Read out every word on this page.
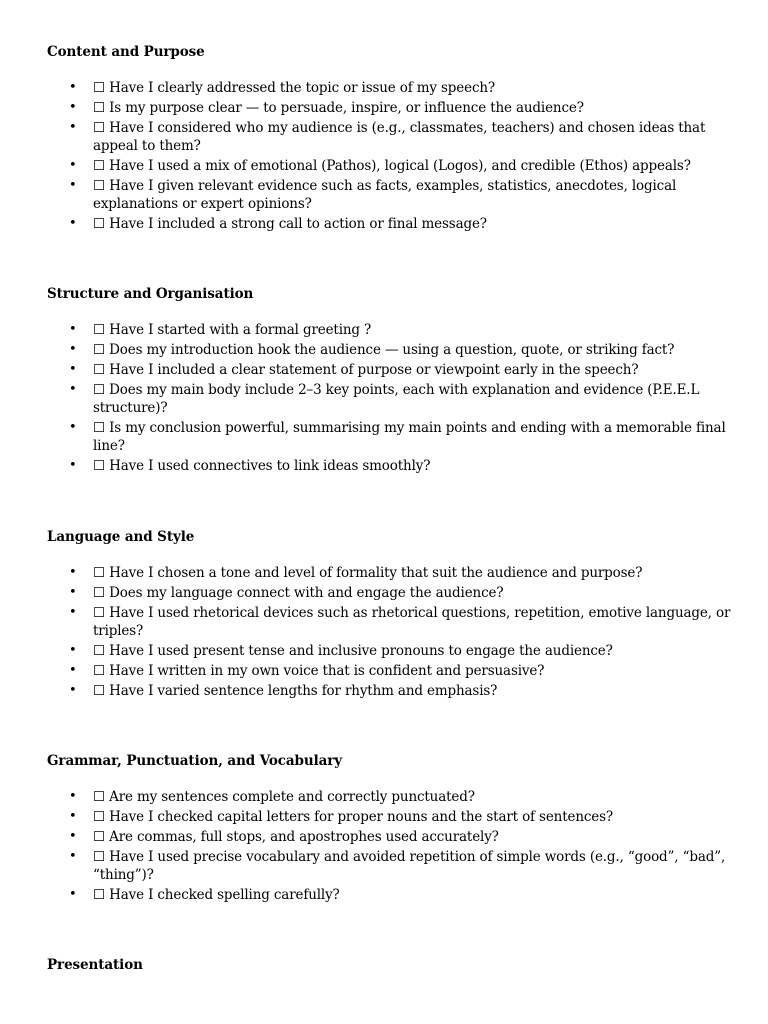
Content and Purpose
• ☐ Have I clearly addressed the topic or issue of my speech?
• ☐ Is my purpose clear — to persuade, inspire, or influence the audience?
• ☐ Have I considered who my audience is (e.g., classmates, teachers) and chosen ideas that appeal to them?
• ☐ Have I used a mix of emotional (Pathos), logical (Logos), and credible (Ethos) appeals?
• ☐ Have I given relevant evidence such as facts, examples, statistics, anecdotes, logical explanations or expert opinions?
• ☐ Have I included a strong call to action or final message?
Structure and Organisation
• ☐ Have I started with a formal greeting ?
• ☐ Does my introduction hook the audience — using a question, quote, or striking fact?
• ☐ Have I included a clear statement of purpose or viewpoint early in the speech?
• ☐ Does my main body include 2–3 key points, each with explanation and evidence (P.E.E.L structure)?
• ☐ Is my conclusion powerful, summarising my main points and ending with a memorable final line?
• ☐ Have I used connectives to link ideas smoothly?
Language and Style
• ☐ Have I chosen a tone and level of formality that suit the audience and purpose?
• ☐ Does my language connect with and engage the audience?
• ☐ Have I used rhetorical devices such as rhetorical questions, repetition, emotive language, or triples?
• ☐ Have I used present tense and inclusive pronouns to engage the audience?
• ☐ Have I written in my own voice that is confident and persuasive?
• ☐ Have I varied sentence lengths for rhythm and emphasis?
Grammar, Punctuation, and Vocabulary
• ☐ Are my sentences complete and correctly punctuated?
• ☐ Have I checked capital letters for proper nouns and the start of sentences?
• ☐ Are commas, full stops, and apostrophes used accurately?
• ☐ Have I used precise vocabulary and avoided repetition of simple words (e.g., “good”, “bad”, “thing”)?
• ☐ Have I checked spelling carefully?
Presentation
